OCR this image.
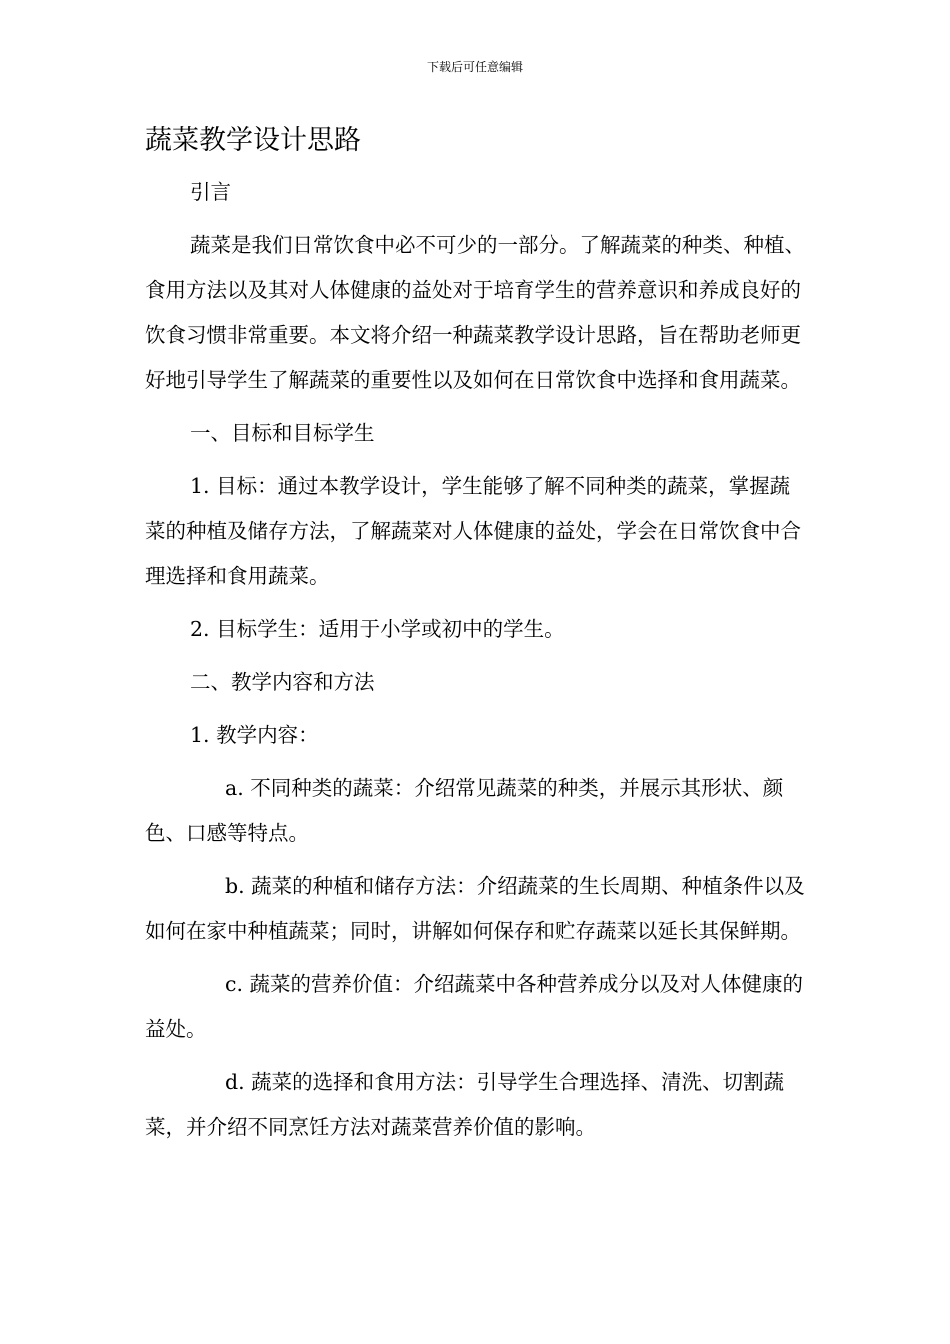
下载后可任意编辑
蔬菜教学设计思路

引言

蔬菜是我们日常饮食中必不可少的一部分。了解蔬菜的种类、种植、食用方法以及其对人体健康的益处对于培育学生的营养意识和养成良好的饮食习惯非常重要。本文将介绍一种蔬菜教学设计思路，旨在帮助老师更好地引导学生了解蔬菜的重要性以及如何在日常饮食中选择和食用蔬菜。

一、目标和目标学生

1. 目标：通过本教学设计，学生能够了解不同种类的蔬菜，掌握蔬菜的种植及储存方法，了解蔬菜对人体健康的益处，学会在日常饮食中合理选择和食用蔬菜。

2. 目标学生：适用于小学或初中的学生。

二、教学内容和方法

1. 教学内容：

a. 不同种类的蔬菜：介绍常见蔬菜的种类，并展示其形状、颜色、口感等特点。

b. 蔬菜的种植和储存方法：介绍蔬菜的生长周期、种植条件以及如何在家中种植蔬菜；同时，讲解如何保存和贮存蔬菜以延长其保鲜期。

c. 蔬菜的营养价值：介绍蔬菜中各种营养成分以及对人体健康的益处。

d. 蔬菜的选择和食用方法：引导学生合理选择、清洗、切割蔬菜，并介绍不同烹饪方法对蔬菜营养价值的影响。
